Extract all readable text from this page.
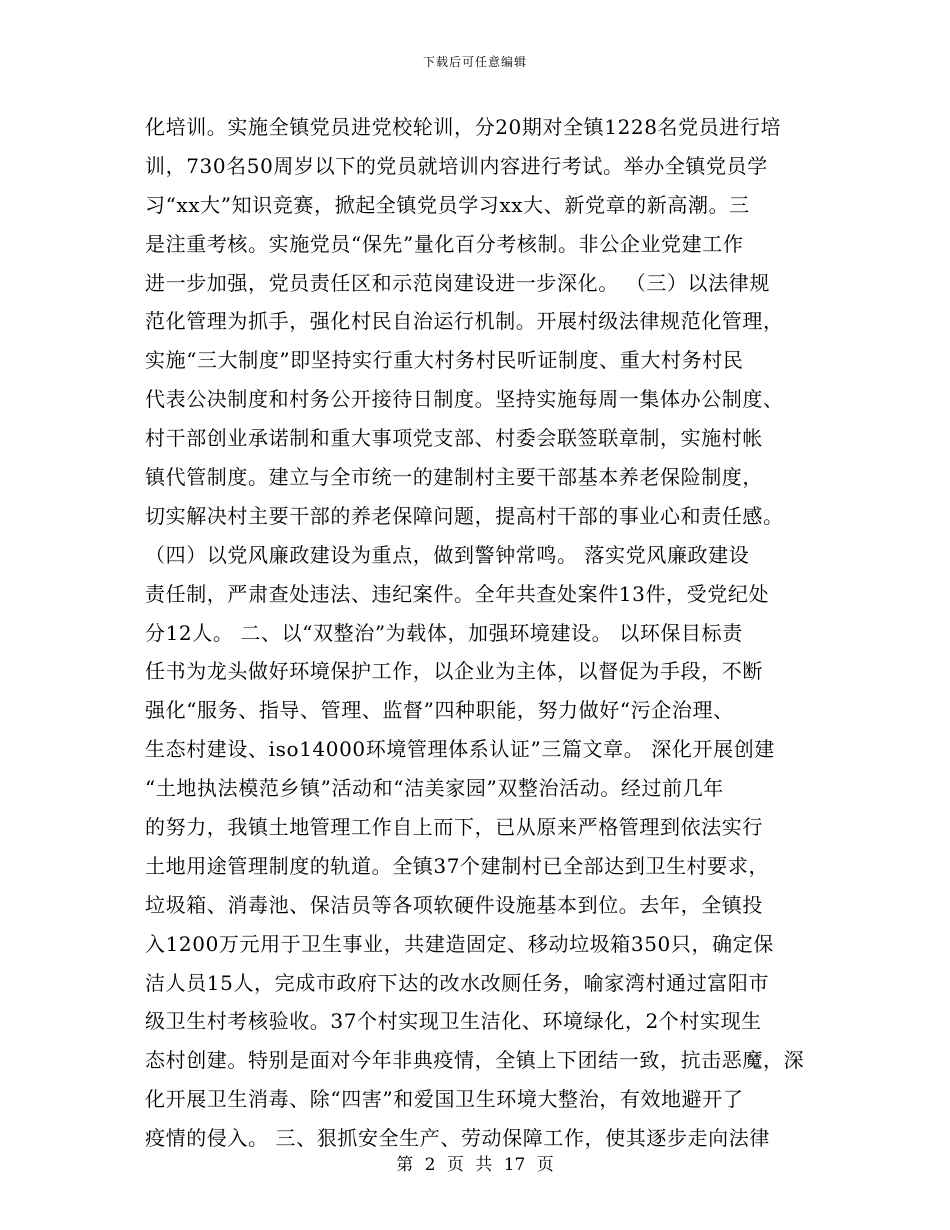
下载后可任意编辑
化培训。实施全镇党员进党校轮训，分20期对全镇1228名党员进行培
训，730名50周岁以下的党员就培训内容进行考试。举办全镇党员学
习“xx大”知识竞赛，掀起全镇党员学习xx大、新党章的新高潮。三
是注重考核。实施党员“保先”量化百分考核制。非公企业党建工作
进一步加强，党员责任区和示范岗建设进一步深化。 （三）以法律规
范化管理为抓手，强化村民自治运行机制。开展村级法律规范化管理，
实施“三大制度”即坚持实行重大村务村民听证制度、重大村务村民
代表公决制度和村务公开接待日制度。坚持实施每周一集体办公制度、
村干部创业承诺制和重大事项党支部、村委会联签联章制，实施村帐
镇代管制度。建立与全市统一的建制村主要干部基本养老保险制度，
切实解决村主要干部的养老保障问题，提高村干部的事业心和责任感。
（四）以党风廉政建设为重点，做到警钟常鸣。 落实党风廉政建设
责任制，严肃查处违法、违纪案件。全年共查处案件13件，受党纪处
分12人。 二、以“双整治”为载体，加强环境建设。 以环保目标责
任书为龙头做好环境保护工作，以企业为主体，以督促为手段，不断
强化“服务、指导、管理、监督”四种职能，努力做好“污企治理、
生态村建设、iso14000环境管理体系认证”三篇文章。 深化开展创建
“土地执法模范乡镇”活动和“洁美家园”双整治活动。经过前几年
的努力，我镇土地管理工作自上而下，已从原来严格管理到依法实行
土地用途管理制度的轨道。全镇37个建制村已全部达到卫生村要求，
垃圾箱、消毒池、保洁员等各项软硬件设施基本到位。去年，全镇投
入1200万元用于卫生事业，共建造固定、移动垃圾箱350只，确定保
洁人员15人，完成市政府下达的改水改厕任务，喻家湾村通过富阳市
级卫生村考核验收。37个村实现卫生洁化、环境绿化，2个村实现生
态村创建。特别是面对今年非典疫情，全镇上下团结一致，抗击恶魔，深
化开展卫生消毒、除“四害”和爱国卫生环境大整治，有效地避开了
疫情的侵入。 三、狠抓安全生产、劳动保障工作，使其逐步走向法律
第 2 页 共 17 页
